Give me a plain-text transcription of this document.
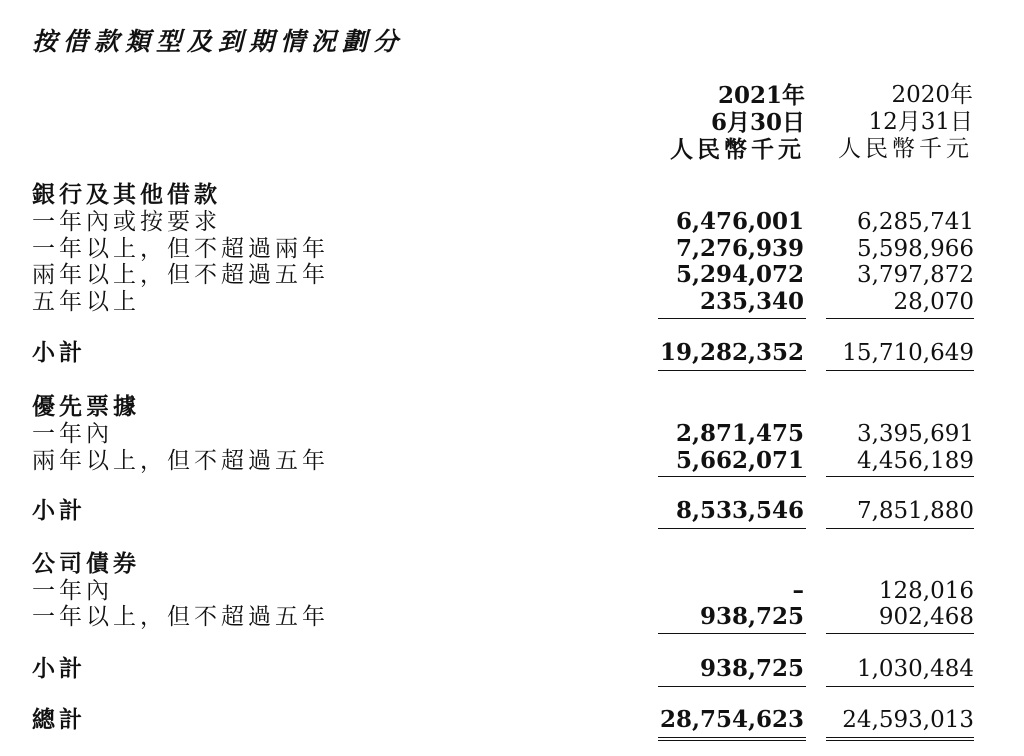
按借款類型及到期情況劃分
2021年
6月30日
人民幣千元
2020年
12月31日
人民幣千元
銀行及其他借款
一年內或按要求	6,476,001 6,285,741
一年以上，但不超過兩年	7,276,939 5,598,966
兩年以上，但不超過五年	5,294,072 3,797,872
五年以上	235,340	28,070
小計	19,282,352 15,710,649
優先票據
一年內	2,871,475 3,395,691
兩年以上，但不超過五年	5,662,071 4,456,189
小計	8,533,546 7,851,880
公司債券
一年內	–	128,016
一年以上，但不超過五年	938,725	902,468
小計	938,725 1,030,484
總計	28,754,623 24,593,013
